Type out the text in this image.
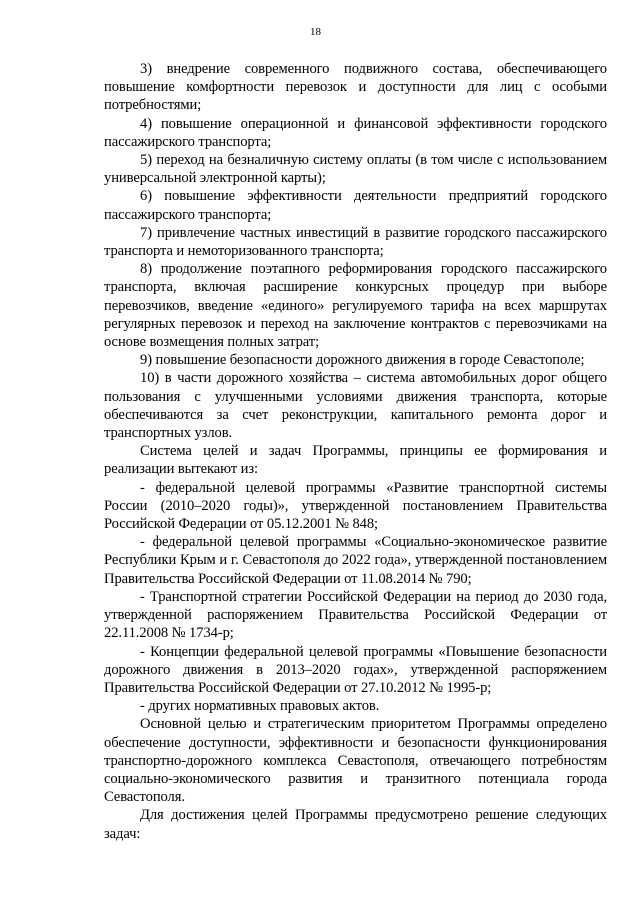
18

3) внедрение современного подвижного состава, обеспечивающего повышение комфортности перевозок и доступности для лиц с особыми потребностями;

4) повышение операционной и финансовой эффективности городского пассажирского транспорта;

5) переход на безналичную систему оплаты (в том числе с использованием универсальной электронной карты);

6) повышение эффективности деятельности предприятий городского пассажирского транспорта;

7) привлечение частных инвестиций в развитие городского пассажирского транспорта и немоторизованного транспорта;

8) продолжение поэтапного реформирования городского пассажирского транспорта, включая расширение конкурсных процедур при выборе перевозчиков, введение «единого» регулируемого тарифа на всех маршрутах регулярных перевозок и переход на заключение контрактов с перевозчиками на основе возмещения полных затрат;

9) повышение безопасности дорожного движения в городе Севастополе;

10) в части дорожного хозяйства – система автомобильных дорог общего пользования с улучшенными условиями движения транспорта, которые обеспечиваются за счет реконструкции, капитального ремонта дорог и транспортных узлов.

Система целей и задач Программы, принципы ее формирования и реализации вытекают из:

- федеральной целевой программы «Развитие транспортной системы России (2010–2020 годы)», утвержденной постановлением Правительства Российской Федерации от 05.12.2001 № 848;

- федеральной целевой программы «Социально-экономическое развитие Республики Крым и г. Севастополя до 2022 года», утвержденной постановлением Правительства Российской Федерации от 11.08.2014 № 790;

- Транспортной стратегии Российской Федерации на период до 2030 года, утвержденной распоряжением Правительства Российской Федерации от 22.11.2008 № 1734-р;

- Концепции федеральной целевой программы «Повышение безопасности дорожного движения в 2013–2020 годах», утвержденной распоряжением Правительства Российской Федерации от 27.10.2012 № 1995-р;

- других нормативных правовых актов.

Основной целью и стратегическим приоритетом Программы определено обеспечение доступности, эффективности и безопасности функционирования транспортно-дорожного комплекса Севастополя, отвечающего потребностям социально-экономического развития и транзитного потенциала города Севастополя.

Для достижения целей Программы предусмотрено решение следующих задач:
